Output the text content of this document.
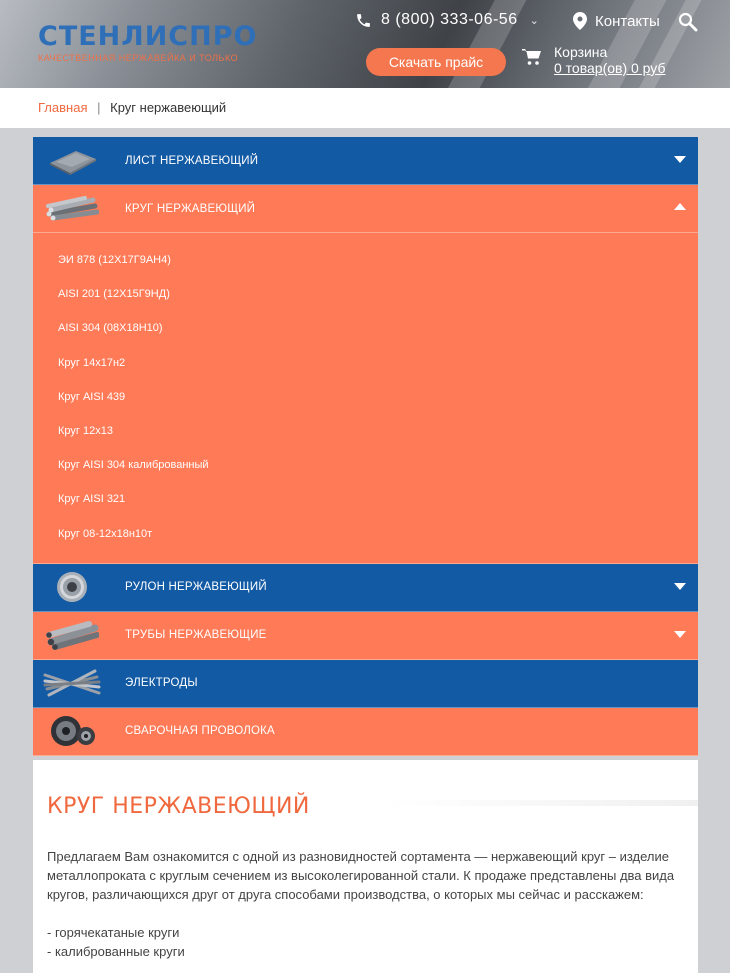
СТЕНЛИСПРО
КАЧЕСТВЕННАЯ НЕРЖАВЕЙКА И ТОЛЬКО
8 (800) 333-06-56 ⌄	Контакты
Скачать прайс
Корзина
0 товар(ов) 0 руб
Главная | Круг нержавеющий
ЛИСТ НЕРЖАВЕЮЩИЙ
КРУГ НЕРЖАВЕЮЩИЙ
ЭИ 878 (12Х17Г9АН4)
AISI 201 (12Х15Г9НД)
AISI 304 (08Х18Н10)
Круг 14х17н2
Круг AISI 439
Круг 12х13
Круг AISI 304 калиброванный
Круг AISI 321
Круг 08-12х18н10т
РУЛОН НЕРЖАВЕЮЩИЙ
ТРУБЫ НЕРЖАВЕЮЩИЕ
ЭЛЕКТРОДЫ
СВАРОЧНАЯ ПРОВОЛОКА
КРУГ НЕРЖАВЕЮЩИЙ

Предлагаем Вам ознакомится с одной из разновидностей сортамента — нержавеющий круг – изделие металлопроката с круглым сечением из высоколегированной стали. К продаже представлены два вида кругов, различающихся друг от друга способами производства, о которых мы сейчас и расскажем:

- горячекатаные круги
- калиброванные круги
